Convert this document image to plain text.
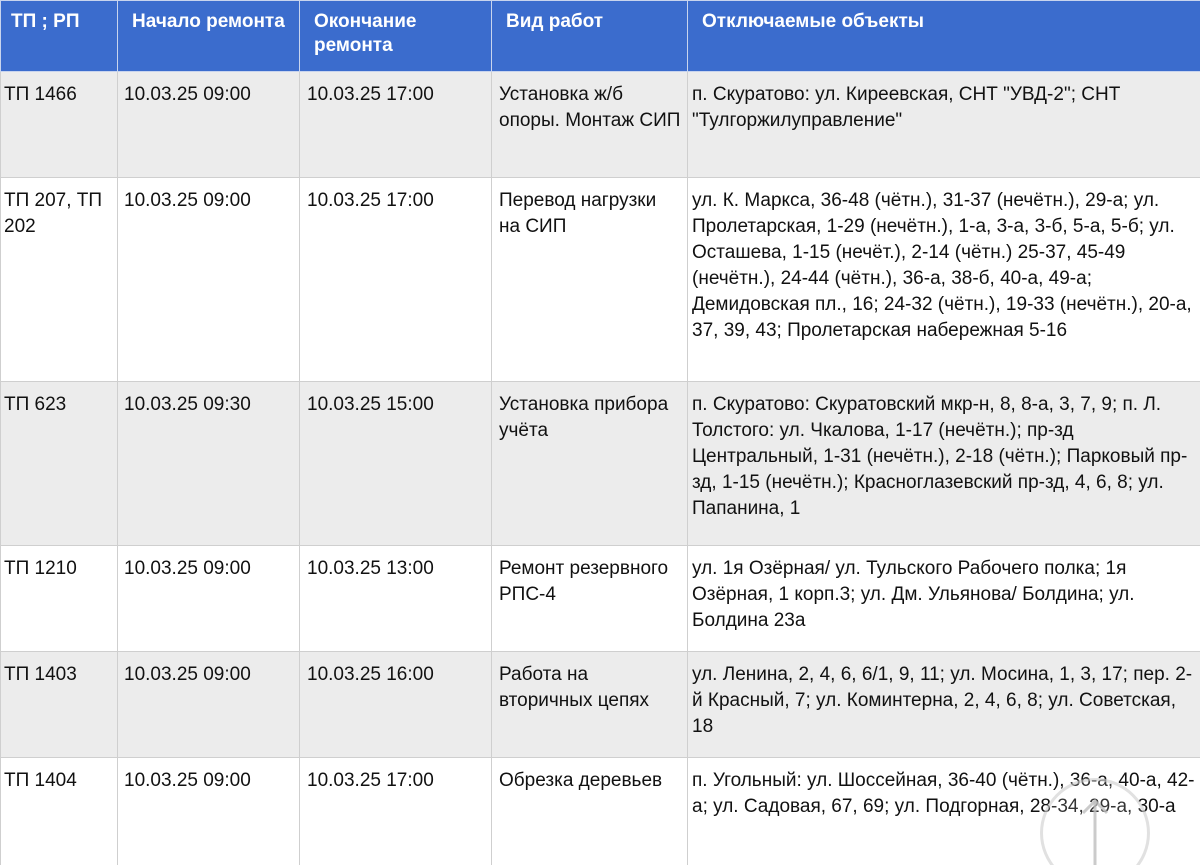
ТП ; РП	Начало ремонта	Окончание ремонта	Вид работ	Отключаемые объекты
ТП 1466	10.03.25 09:00	10.03.25 17:00	Установка ж/б опоры. Монтаж СИП	п. Скуратово: ул. Киреевская, СНТ "УВД-2"; СНТ "Тулгоржилуправление"
ТП 207, ТП 202	10.03.25 09:00	10.03.25 17:00	Перевод нагрузки на СИП	ул. К. Маркса, 36-48 (чётн.), 31-37 (нечётн.), 29-а; ул. Пролетарская, 1-29 (нечётн.), 1-а, 3-а, 3-б, 5-а, 5-б; ул. Осташева, 1-15 (нечёт.), 2-14 (чётн.) 25-37, 45-49 (нечётн.), 24-44 (чётн.), 36-а, 38-б, 40-а, 49-а; Демидовская пл., 16; 24-32 (чётн.), 19-33 (нечётн.), 20-а, 37, 39, 43; Пролетарская набережная 5-16
ТП 623	10.03.25 09:30	10.03.25 15:00	Установка прибора учёта	п. Скуратово: Скуратовский мкр-н, 8, 8-а, 3, 7, 9; п. Л. Толстого: ул. Чкалова, 1-17 (нечётн.); пр-зд Центральный, 1-31 (нечётн.), 2-18 (чётн.); Парковый пр-зд, 1-15 (нечётн.); Красноглазевский пр-зд, 4, 6, 8; ул. Папанина, 1
ТП 1210	10.03.25 09:00	10.03.25 13:00	Ремонт резервного РПС-4	ул. 1я Озёрная/ ул. Тульского Рабочего полка; 1я Озёрная, 1 корп.3; ул. Дм. Ульянова/ Болдина; ул. Болдина 23а
ТП 1403	10.03.25 09:00	10.03.25 16:00	Работа на вторичных цепях	ул. Ленина, 2, 4, 6, 6/1, 9, 11; ул. Мосина, 1, 3, 17; пер. 2-й Красный, 7; ул. Коминтерна, 2, 4, 6, 8; ул. Советская, 18
ТП 1404	10.03.25 09:00	10.03.25 17:00	Обрезка деревьев	п. Угольный: ул. Шоссейная, 36-40 (чётн.), 36-а, 40-а, 42-а; ул. Садовая, 67, 69; ул. Подгорная, 28-34, 29-а, 30-а
